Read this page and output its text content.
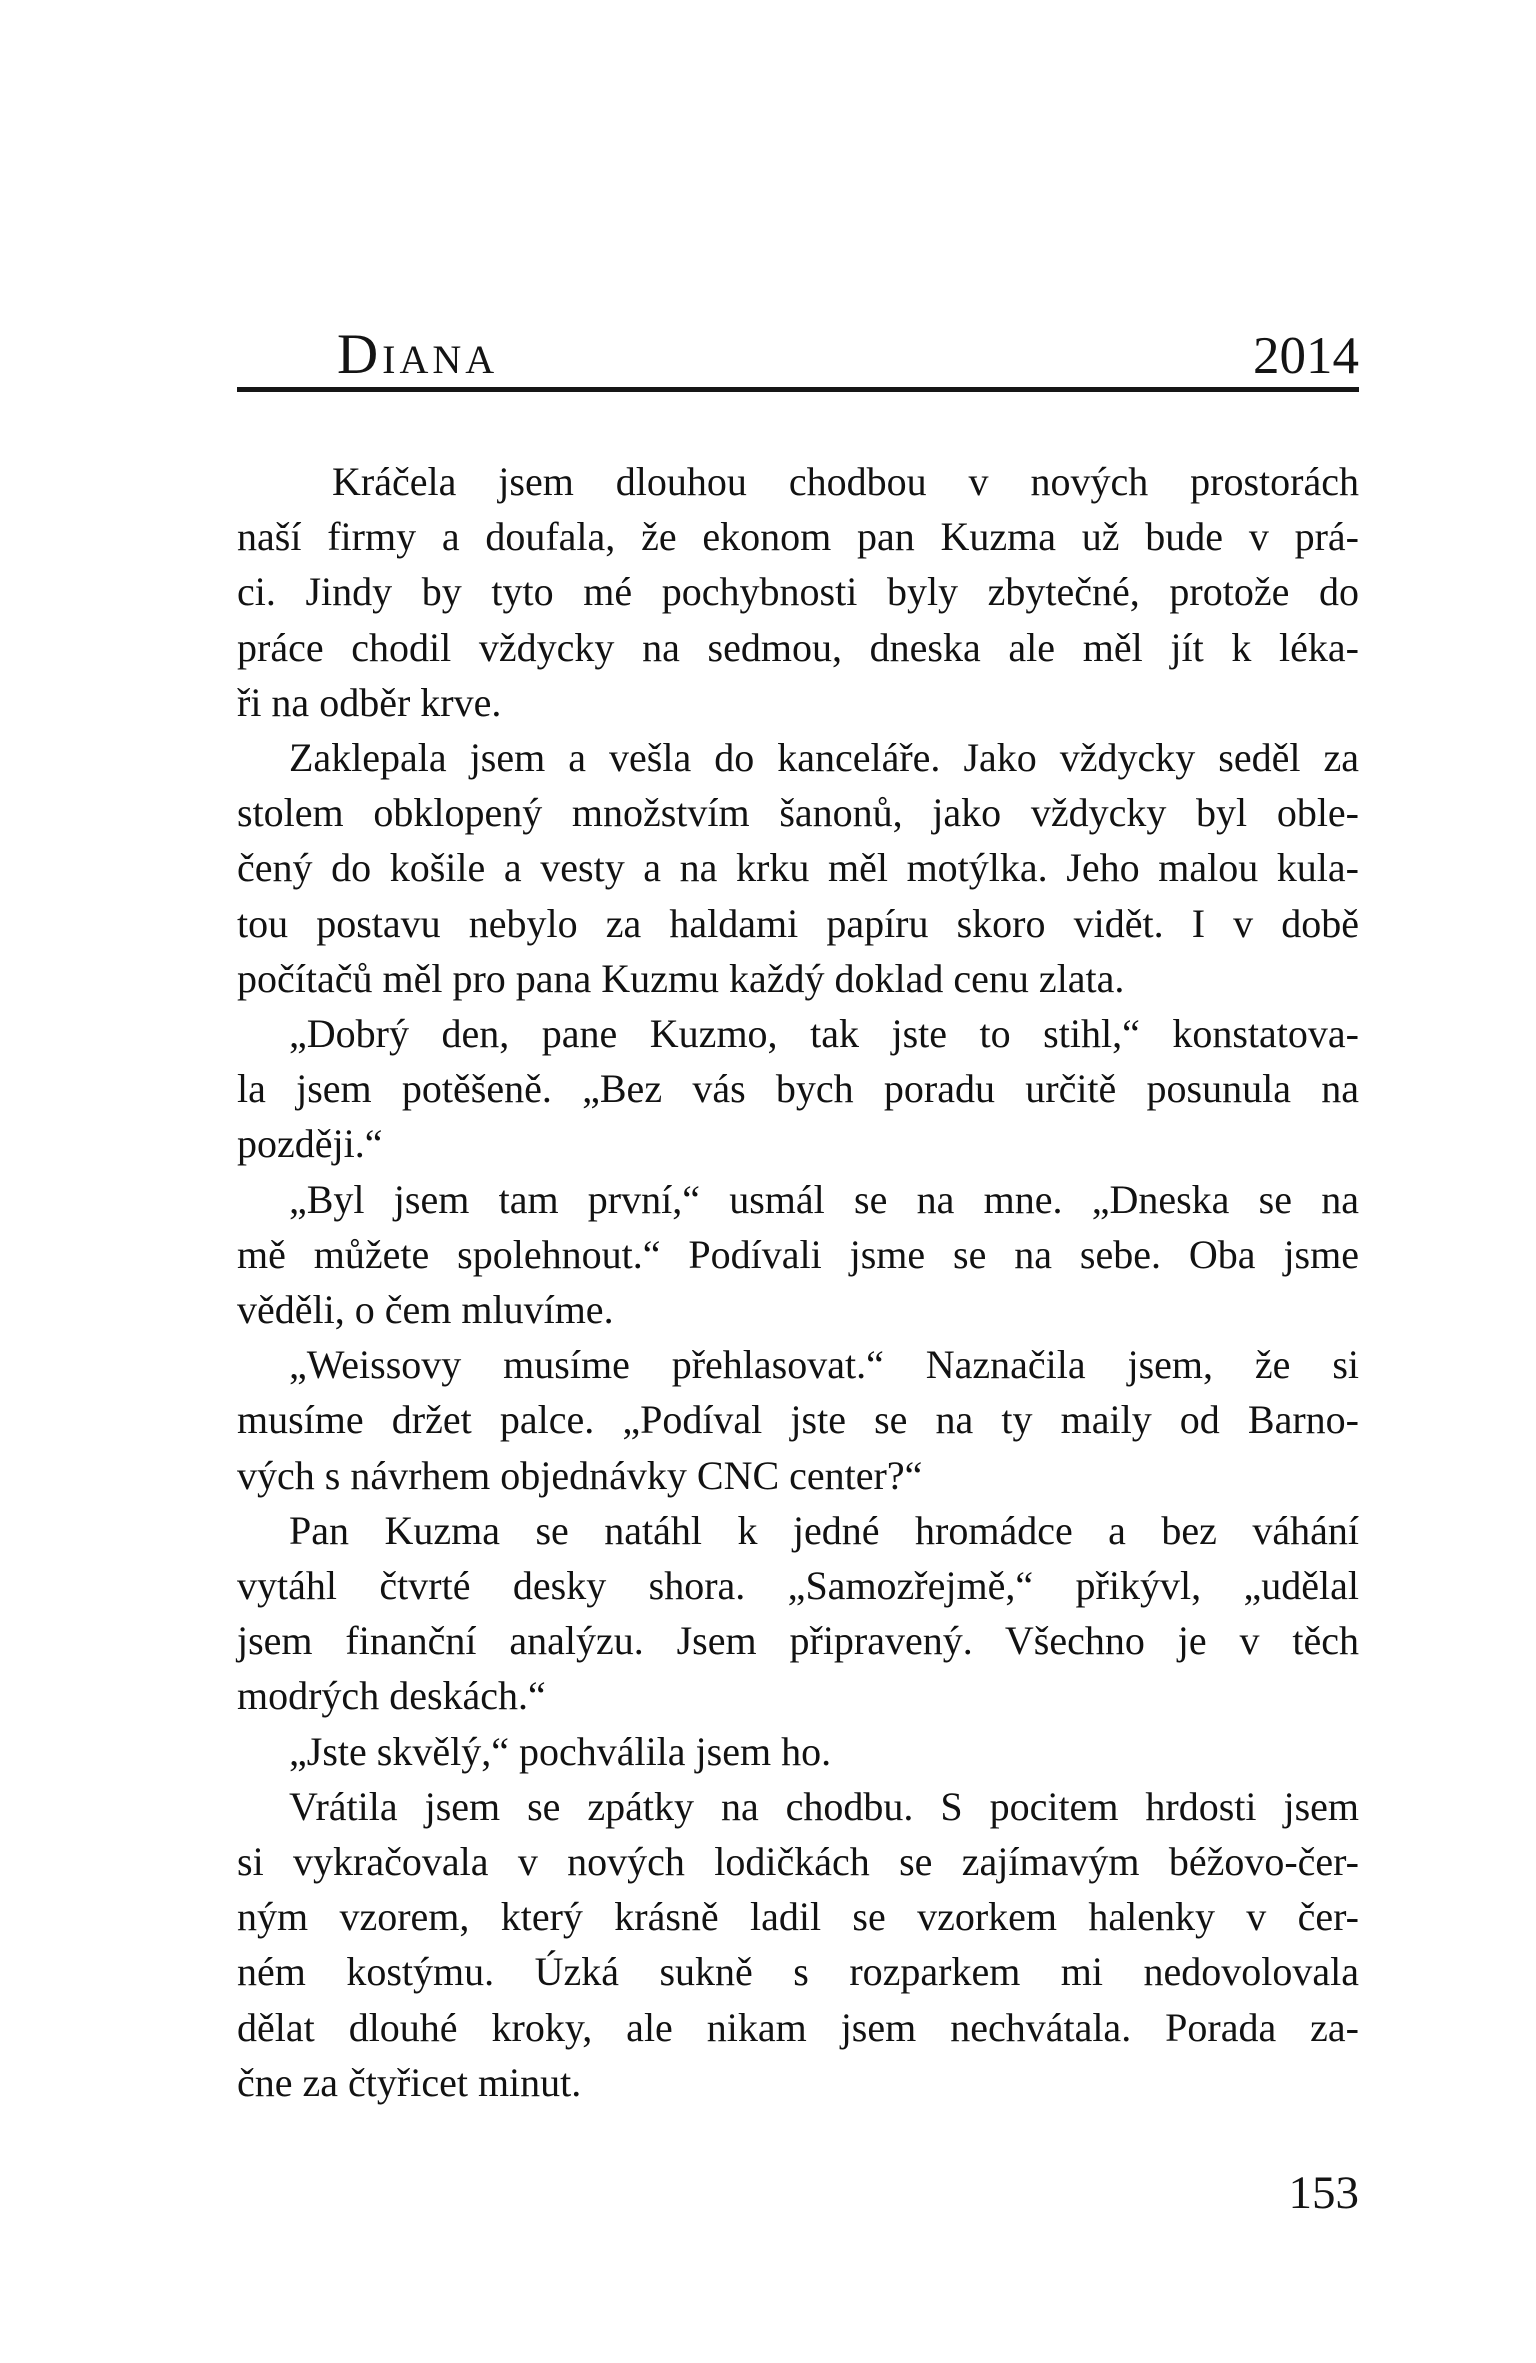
Diana	2014
Kráčela jsem dlouhou chodbou v nových prostorách
naší firmy a doufala, že ekonom pan Kuzma už bude v prá-
ci. Jindy by tyto mé pochybnosti byly zbytečné, protože do
práce chodil vždycky na sedmou, dneska ale měl jít k léka-
ři na odběr krve.
Zaklepala jsem a vešla do kanceláře. Jako vždycky seděl za
stolem obklopený množstvím šanonů, jako vždycky byl oble-
čený do košile a vesty a na krku měl motýlka. Jeho malou kula-
tou postavu nebylo za haldami papíru skoro vidět. I v době
počítačů měl pro pana Kuzmu každý doklad cenu zlata.
„Dobrý den, pane Kuzmo, tak jste to stihl,“ konstatova-
la jsem potěšeně. „Bez vás bych poradu určitě posunula na
později.“
„Byl jsem tam první,“ usmál se na mne. „Dneska se na
mě můžete spolehnout.“ Podívali jsme se na sebe. Oba jsme
věděli, o čem mluvíme.
„Weissovy musíme přehlasovat.“ Naznačila jsem, že si
musíme držet palce. „Podíval jste se na ty maily od Barno-
vých s návrhem objednávky CNC center?“
Pan Kuzma se natáhl k jedné hromádce a bez váhání
vytáhl čtvrté desky shora. „Samozřejmě,“ přikývl, „udělal
jsem finanční analýzu. Jsem připravený. Všechno je v těch
modrých deskách.“
„Jste skvělý,“ pochválila jsem ho.
Vrátila jsem se zpátky na chodbu. S pocitem hrdosti jsem
si vykračovala v nových lodičkách se zajímavým béžovo-čer-
ným vzorem, který krásně ladil se vzorkem halenky v čer-
ném kostýmu. Úzká sukně s rozparkem mi nedovolovala
dělat dlouhé kroky, ale nikam jsem nechvátala. Porada za-
čne za čtyřicet minut.
153
